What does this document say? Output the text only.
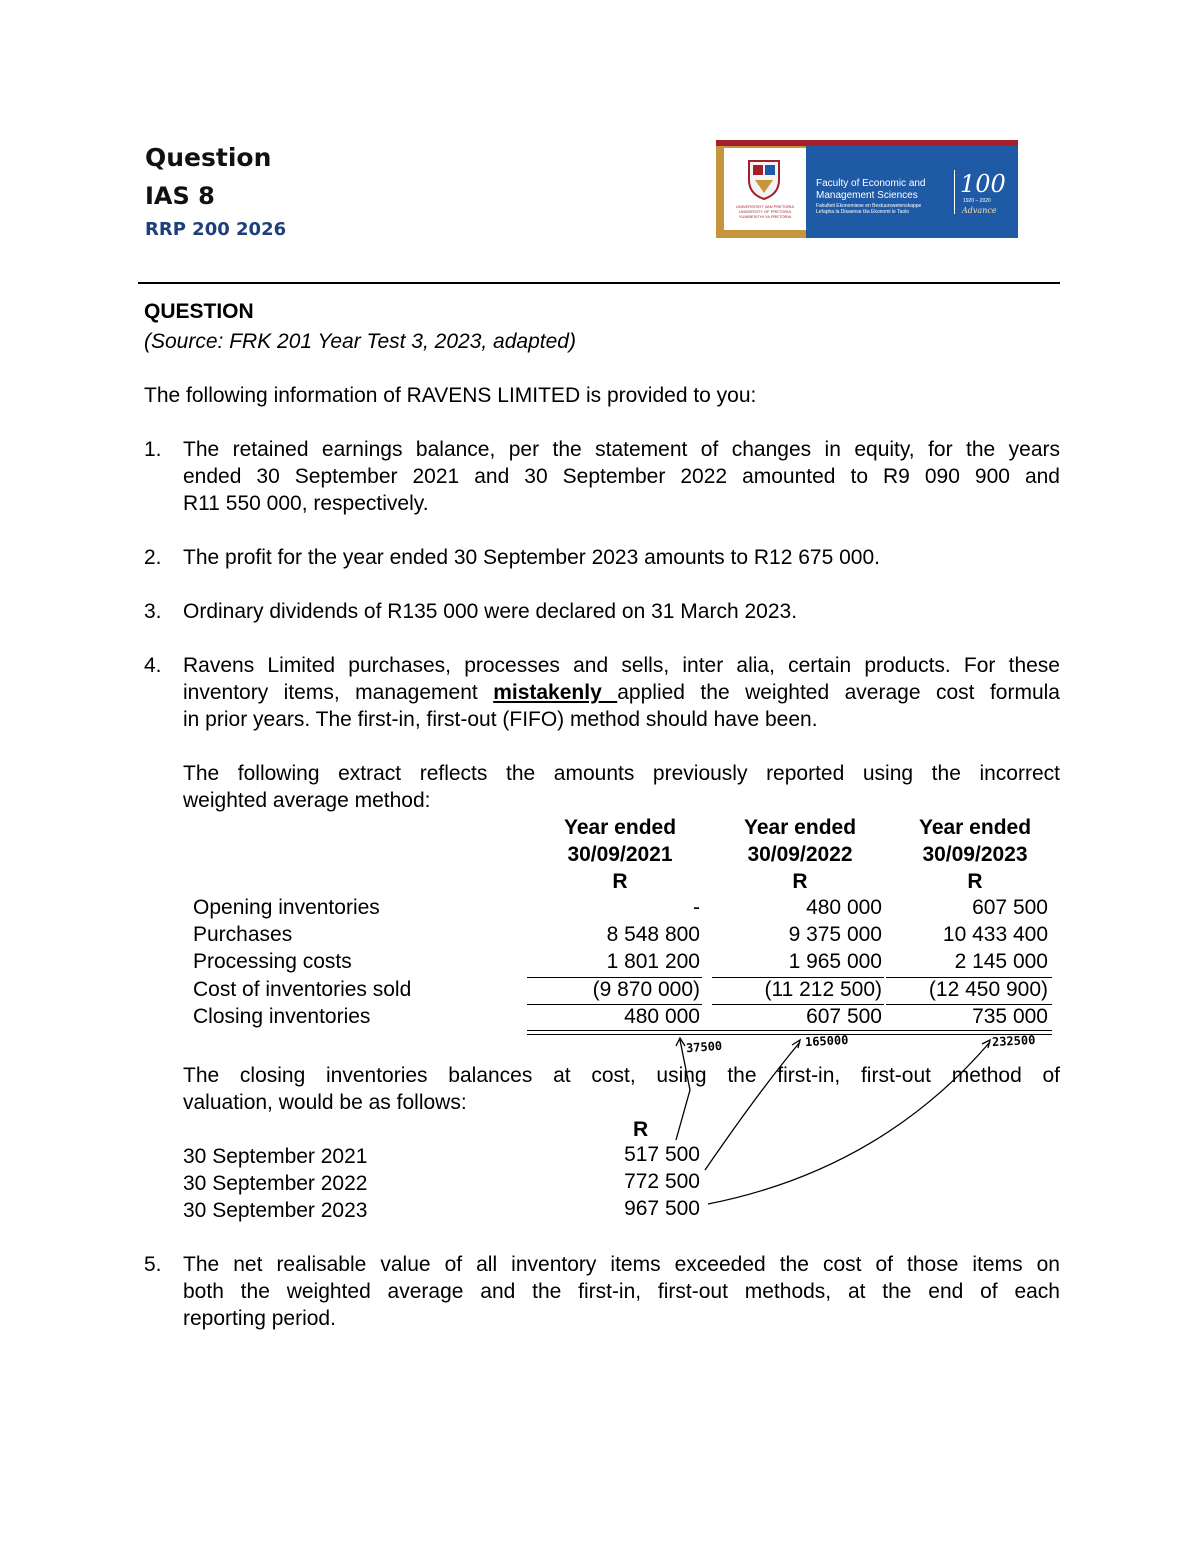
Question
IAS 8
RRP 200 2026
UNIVERSITEIT VAN PRETORIA UNIVERSITY OF PRETORIA YUNIBESITHI YA PRETORIA
Faculty of Economic and
Management Sciences
Fakulteit Ekonomiese en Bestuurswetenskappe
Lefapha la Disaense tša Ekonomi le Taolo
100
1920 – 2020
Advance
QUESTION
(Source: FRK 201 Year Test 3, 2023, adapted)
The following information of RAVENS LIMITED is provided to you:
1. The retained earnings balance, per the statement of changes in equity, for the years
ended 30 September 2021 and 30 September 2022 amounted to R9 090 900 and
R11 550 000, respectively.
2. The profit for the year ended 30 September 2023 amounts to R12 675 000.
3. Ordinary dividends of R135 000 were declared on 31 March 2023.
4. Ravens Limited purchases, processes and sells, inter alia, certain products. For these
inventory items, management mistakenly applied the weighted average cost formula
in prior years. The first-in, first-out (FIFO) method should have been.
The following extract reflects the amounts previously reported using the incorrect
weighted average method:
Year ended
30/09/2021
R
Year ended
30/09/2022
R
Year ended
30/09/2023
R
Opening inventories	-	480 000	607 500
Purchases	8 548 800	9 375 000	10 433 400
Processing costs	1 801 200	1 965 000	2 145 000
Cost of inventories sold	(9 870 000)	(11 212 500)	(12 450 900)
Closing inventories	480 000	607 500	735 000
37500	165000	232500
The closing inventories balances at cost, using the first-in, first-out method of
valuation, would be as follows:
R
30 September 2021	517 500
30 September 2022	772 500
30 September 2023	967 500
5. The net realisable value of all inventory items exceeded the cost of those items on
both the weighted average and the first-in, first-out methods, at the end of each
reporting period.
